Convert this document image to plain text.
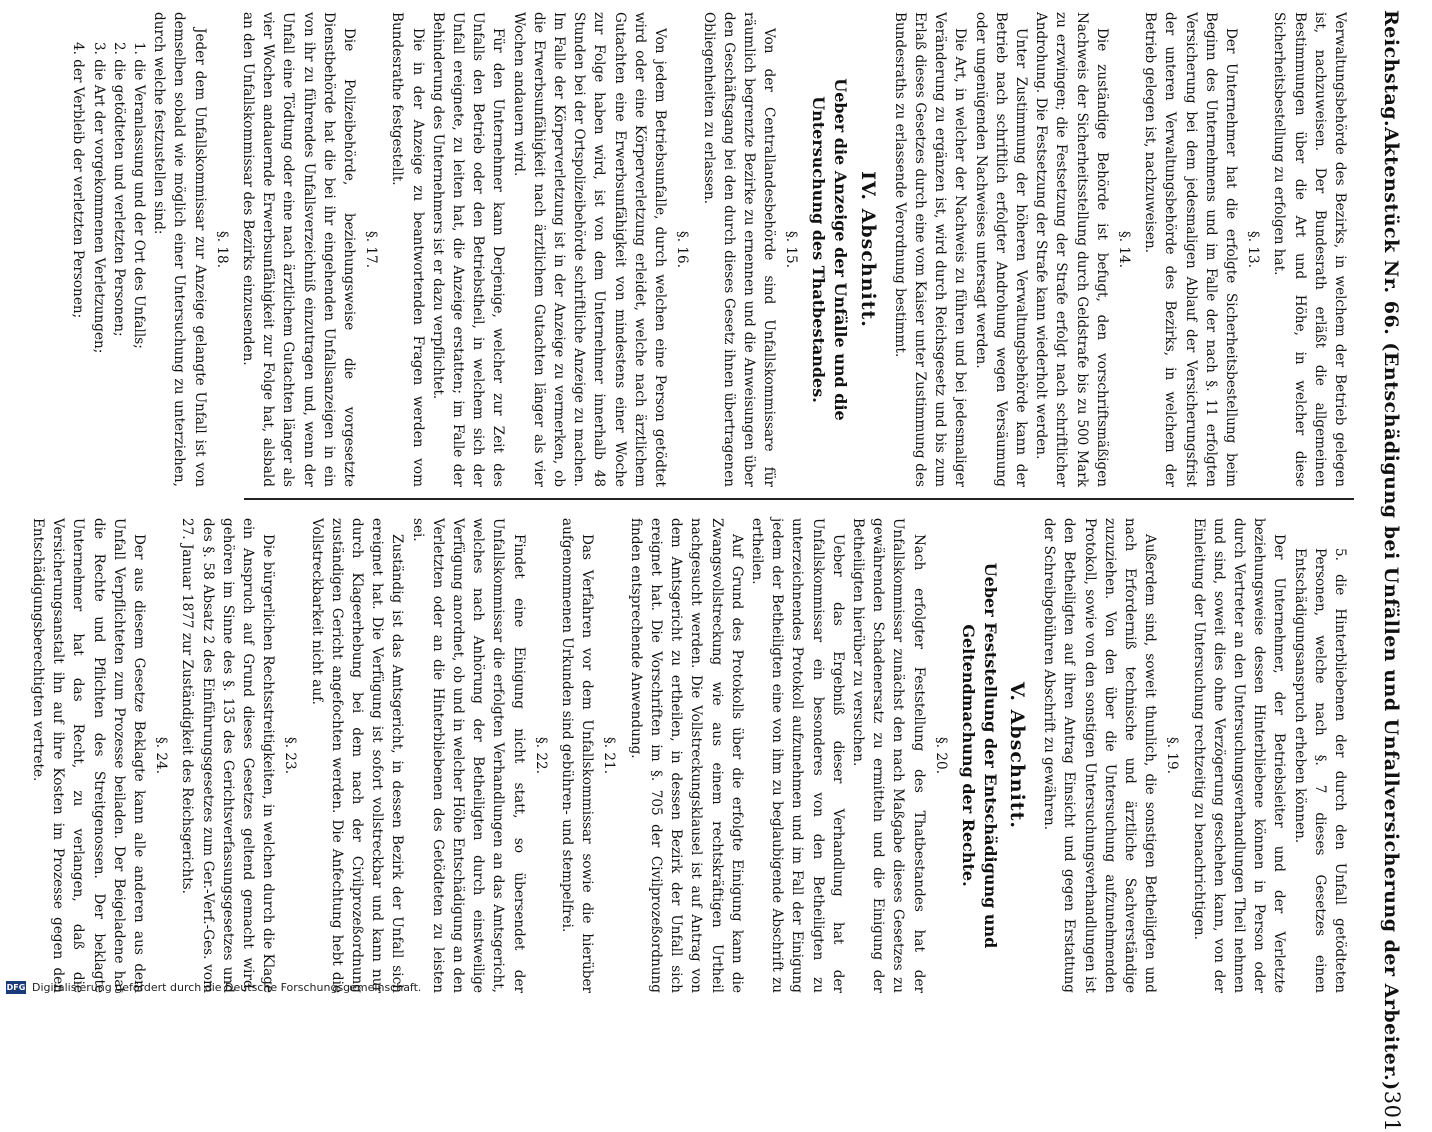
Reichstag.
Aktenstück Nr. 66. (Entschädigung bei Unfällen und Unfallversicherung der Arbeiter.)
301

Verwaltungsbehörde des Bezirks, in welchem der Betrieb gelegen ist, nachzuweisen. Der Bundesrath erläßt die allgemeinen Bestimmungen über die Art und Höhe, in welcher diese Sicherheitsbestellung zu erfolgen hat.

§. 13.

Der Unternehmer hat die erfolgte Sicherheitsbestellung beim Beginn des Unternehmens und im Falle der nach §. 11 erfolgten Versicherung bei dem jedesmaligen Ablauf der Versicherungsfrist der unteren Verwaltungsbehörde des Bezirks, in welchem der Betrieb gelegen ist, nachzuweisen.

§. 14.

Die zuständige Behörde ist befugt, den vorschriftsmäßigen Nachweis der Sicherheitsstellung durch Geldstrafe bis zu 500 Mark zu erzwingen; die Festsetzung der Strafe erfolgt nach schriftlicher Androhung. Die Festsetzung der Strafe kann wiederholt werden.

Unter Zustimmung der höheren Verwaltungsbehörde kann der Betrieb nach schriftlich erfolgter Androhung wegen Versäumung oder ungenügenden Nachweises untersagt werden.

Die Art, in welcher der Nachweis zu führen und bei jedesmaliger Veränderung zu ergänzen ist, wird durch Reichsgesetz und bis zum Erlaß dieses Gesetzes durch eine vom Kaiser unter Zustimmung des Bundesraths zu erlassende Verordnung bestimmt.

IV. Abschnitt.
Ueber die Anzeige der Unfälle und die Untersuchung des Thatbestandes.
§. 15.

Von der Centrallandesbehörde sind Unfallskommissare für räumlich begrenzte Bezirke zu ernennen und die Anweisungen über den Geschäftsgang bei den durch dieses Gesetz ihnen übertragenen Obliegenheiten zu erlassen.

§. 16.

Von jedem Betriebsunfalle, durch welchen eine Person getödtet wird oder eine Körperverletzung erleidet, welche nach ärztlichem Gutachten eine Erwerbsunfähigkeit von mindestens einer Woche zur Folge haben wird, ist von dem Unternehmer innerhalb 48 Stunden bei der Ortspolizeibehörde schriftliche Anzeige zu machen. Im Falle der Körperverletzung ist in der Anzeige zu vermerken, ob die Erwerbsunfähigkeit nach ärztlichem Gutachten länger als vier Wochen andauern wird.

Für den Unternehmer kann Derjenige, welcher zur Zeit des Unfalls den Betrieb oder den Betriebstheil, in welchem sich der Unfall ereignete, zu leiten hat, die Anzeige erstatten; im Falle der Behinderung des Unternehmers ist er dazu verpflichtet.

Die in der Anzeige zu beantwortenden Fragen werden vom Bundesrathe festgestellt.

§. 17.

Die Polizeibehörde, beziehungsweise die vorgesetzte Dienstbehörde hat die bei ihr eingehenden Unfallsanzeigen in ein von ihr zu führendes Unfallsverzeichniß einzutragen und, wenn der Unfall eine Tödtung oder eine nach ärztlichem Gutachten länger als vier Wochen andauernde Erwerbsunfähigkeit zur Folge hat, alsbald an den Unfallskommissar des Bezirks einzusenden.

§. 18.

Jeder dem Unfallskommissar zur Anzeige gelangte Unfall ist von demselben sobald wie möglich einer Untersuchung zu unterziehen, durch welche festzustellen sind:

1. die Veranlassung und der Ort des Unfalls;

2. die getödteten und verletzten Personen;

3. die Art der vorgekommenen Verletzungen;

4. der Verbleib der verletzten Personen;

5. die Hinterbliebenen der durch den Unfall getödteten Personen, welche nach §. 7 dieses Gesetzes einen Entschädigungsanspruch erheben können.

Der Unternehmer, der Betriebsleiter und der Verletzte beziehungsweise dessen Hinterbliebene können in Person oder durch Vertreter an den Untersuchungsverhandlungen Theil nehmen und sind, soweit dies ohne Verzögerung geschehen kann, von der Einleitung der Untersuchung rechtzeitig zu benachrichtigen.

§. 19.

Außerdem sind, soweit thunlich, die sonstigen Betheiligten und nach Erforderniß technische und ärztliche Sachverständige zuzuziehen. Von den über die Untersuchung aufzunehmenden Protokoll, sowie von den sonstigen Untersuchungsverhandlungen ist den Betheiligten auf ihren Antrag Einsicht und gegen Erstattung der Schreibgebühren Abschrift zu gewähren.

V. Abschnitt.
Ueber Feststellung der Entschädigung und Geltendmachung der Rechte.
§. 20.

Nach erfolgter Feststellung des Thatbestandes hat der Unfallskommissar zunächst den nach Maßgabe dieses Gesetzes zu gewährenden Schadenersatz zu ermitteln und die Einigung der Betheiligten hierüber zu versuchen.

Ueber das Ergebniß dieser Verhandlung hat der Unfallskommissar ein besonderes von den Betheiligten zu unterzeichnendes Protokoll aufzunehmen und im Fall der Einigung jedem der Betheiligten eine von ihm zu beglaubigende Abschrift zu ertheilen.

Auf Grund des Protokolls über die erfolgte Einigung kann die Zwangsvollstreckung wie aus einem rechtskräftigen Urtheil nachgesucht werden. Die Vollstreckungsklausel ist auf Antrag von dem Amtsgericht zu ertheilen, in dessen Bezirk der Unfall sich ereignet hat. Die Vorschriften im §. 705 der Civilprozeßordnung finden entsprechende Anwendung.

§. 21.

Das Verfahren vor dem Unfallskommissar sowie die hierüber aufgenommenen Urkunden sind gebühren- und stempelfrei.

§. 22.

Findet eine Einigung nicht statt, so übersendet der Unfallskommissar die erfolgten Verhandlungen an das Amtsgericht, welches nach Anhörung der Betheiligten durch einstweilige Verfügung anordnet, ob und in welcher Höhe Entschädigung an den Verletzten oder an die Hinterbliebenen des Getödteten zu leisten sei.

Zuständig ist das Amtsgericht, in dessen Bezirk der Unfall sich ereignet hat. Die Verfügung ist sofort vollstreckbar und kann nur durch Klageerhebung bei dem nach der Civilprozeßordnung zuständigen Gericht angefochten werden. Die Anfechtung hebt die Vollstreckbarkeit nicht auf.

§. 23.

Die bürgerlichen Rechtsstreitigkeiten, in welchen durch die Klage ein Anspruch auf Grund dieses Gesetzes geltend gemacht wird, gehören im Sinne des §. 135 des Gerichtsverfassungsgesetzes und des §. 58 Absatz 2 des Einführungsgesetzes zum Ger.-Verf.-Ges. vom 27. Januar 1877 zur Zuständigkeit des Reichsgerichts.

§. 24.

Der aus diesem Gesetze Beklagte kann alle anderen aus dem Unfall Verpflichteten zum Prozesse beiladen. Der Beigeladene hat die Rechte und Pflichten des Streitgenossen. Der beklagte Unternehmer hat das Recht, zu verlangen, daß die Versicherungsanstalt ihn auf ihre Kosten im Prozesse gegen den Entschädigungsberechtigten vertrete.

DFG Digitalisierung gefördert durch die Deutsche Forschungsgemeinschaft.
